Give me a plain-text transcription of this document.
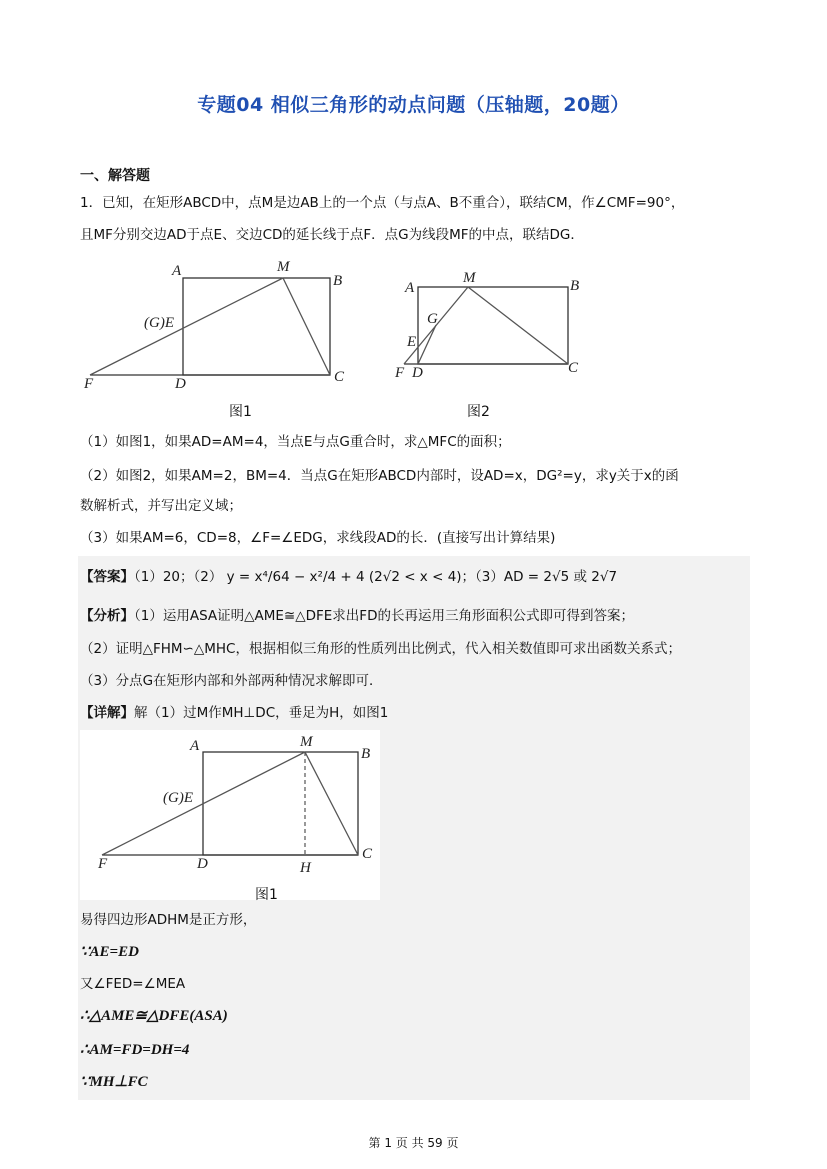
专题04 相似三角形的动点问题（压轴题，20题）
一、解答题
1．已知，在矩形ABCD中，点M是边AB上的一个点（与点A、B不重合），联结CM，作∠CMF=90°，
且MF分别交边AD于点E、交边CD的延长线于点F．点G为线段MF的中点，联结DG．
A	M
B
C
D
F
(G)E
图1
A
M	B
C
D
F
G
E
图2
（1）如图1，如果AD=AM=4，当点E与点G重合时，求△MFC的面积；
（2）如图2，如果AM=2，BM=4．当点G在矩形ABCD内部时，设AD=x，DG²=y，求y关于x的函
数解析式，并写出定义域；
（3）如果AM=6，CD=8，∠F=∠EDG，求线段AD的长．(直接写出计算结果)
【答案】（1）20；（2） y = x⁴/64 − x²/4 + 4 (2√2 < x < 4)；（3）AD = 2√5 或 2√7
【分析】（1）运用ASA证明△AME≅△DFE求出FD的长再运用三角形面积公式即可得到答案；
（2）证明△FHM∽△MHC，根据相似三角形的性质列出比例式，代入相关数值即可求出函数关系式；
（3）分点G在矩形内部和外部两种情况求解即可．
【详解】解（1）过M作MH⊥DC，垂足为H，如图1
A	M
B
C
D
F	H
(G)E
图1
易得四边形ADHM是正方形，
∵AE=ED
又∠FED=∠MEA
∴△AME≅△DFE(ASA)
∴AM=FD=DH=4
∵MH⊥FC
第 1 页 共 59 页
